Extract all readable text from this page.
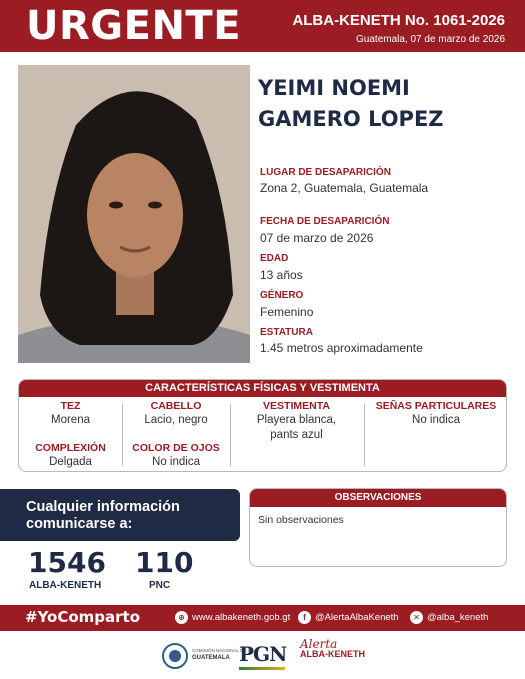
URGENTE	ALBA-KENETH No. 1061-2026
Guatemala, 07 de marzo de 2026
YEIMI NOEMI
GAMERO LOPEZ
LUGAR DE DESAPARICIÓN
Zona 2, Guatemala, Guatemala
FECHA DE DESAPARICIÓN
07 de marzo de 2026
EDAD
13 años
GÉNERO
Femenino
ESTATURA
1.45 metros aproximadamente
CARACTERÍSTICAS FÍSICAS Y VESTIMENTA
TEZ
Morena
COMPLEXIÓN
Delgada
CABELLO
Lacio, negro
COLOR DE OJOS
No indica
VESTIMENTA
Playera blanca,
pants azul
SEÑAS PARTICULARES
No indica
Cualquier información
comunicarse a:
1546
ALBA-KENETH
110
PNC
OBSERVACIONES
Sin observaciones
#YoComparto	⊕ www.albakeneth.gob.gt	f @AlertaAlbaKeneth	✕ @alba_keneth
COMISIÓN NACIONAL DE LA
GUATEMALA PGN Alerta
ALBA-KENETH
